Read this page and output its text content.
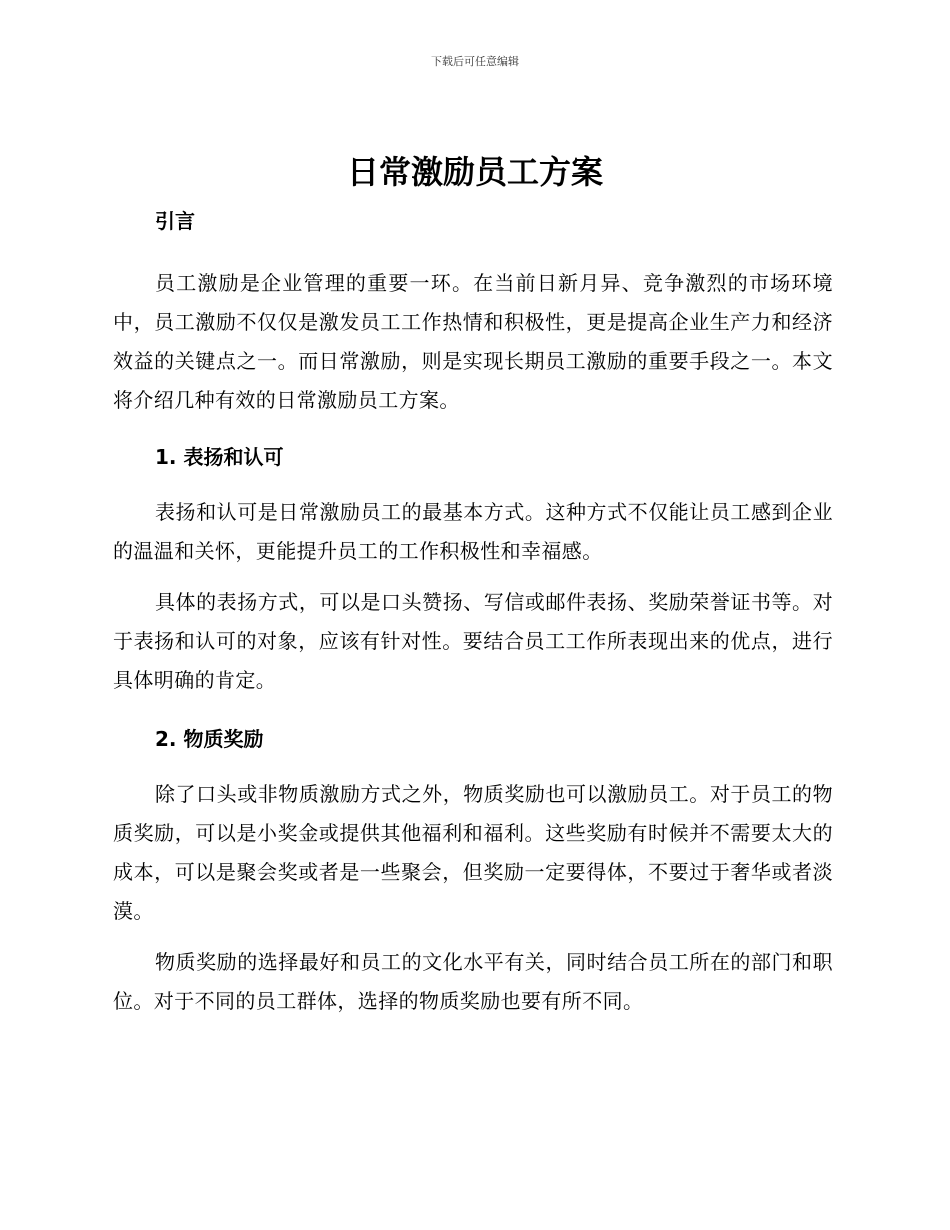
下载后可任意编辑
日常激励员工方案
引言

员工激励是企业管理的重要一环。在当前日新月异、竞争激烈的市场环境中，员工激励不仅仅是激发员工工作热情和积极性，更是提高企业生产力和经济效益的关键点之一。而日常激励，则是实现长期员工激励的重要手段之一。本文将介绍几种有效的日常激励员工方案。

1. 表扬和认可

表扬和认可是日常激励员工的最基本方式。这种方式不仅能让员工感到企业的温温和关怀，更能提升员工的工作积极性和幸福感。

具体的表扬方式，可以是口头赞扬、写信或邮件表扬、奖励荣誉证书等。对于表扬和认可的对象，应该有针对性。要结合员工工作所表现出来的优点，进行具体明确的肯定。

2. 物质奖励

除了口头或非物质激励方式之外，物质奖励也可以激励员工。对于员工的物质奖励，可以是小奖金或提供其他福利和福利。这些奖励有时候并不需要太大的成本，可以是聚会奖或者是一些聚会，但奖励一定要得体，不要过于奢华或者淡漠。

物质奖励的选择最好和员工的文化水平有关，同时结合员工所在的部门和职位。对于不同的员工群体，选择的物质奖励也要有所不同。
